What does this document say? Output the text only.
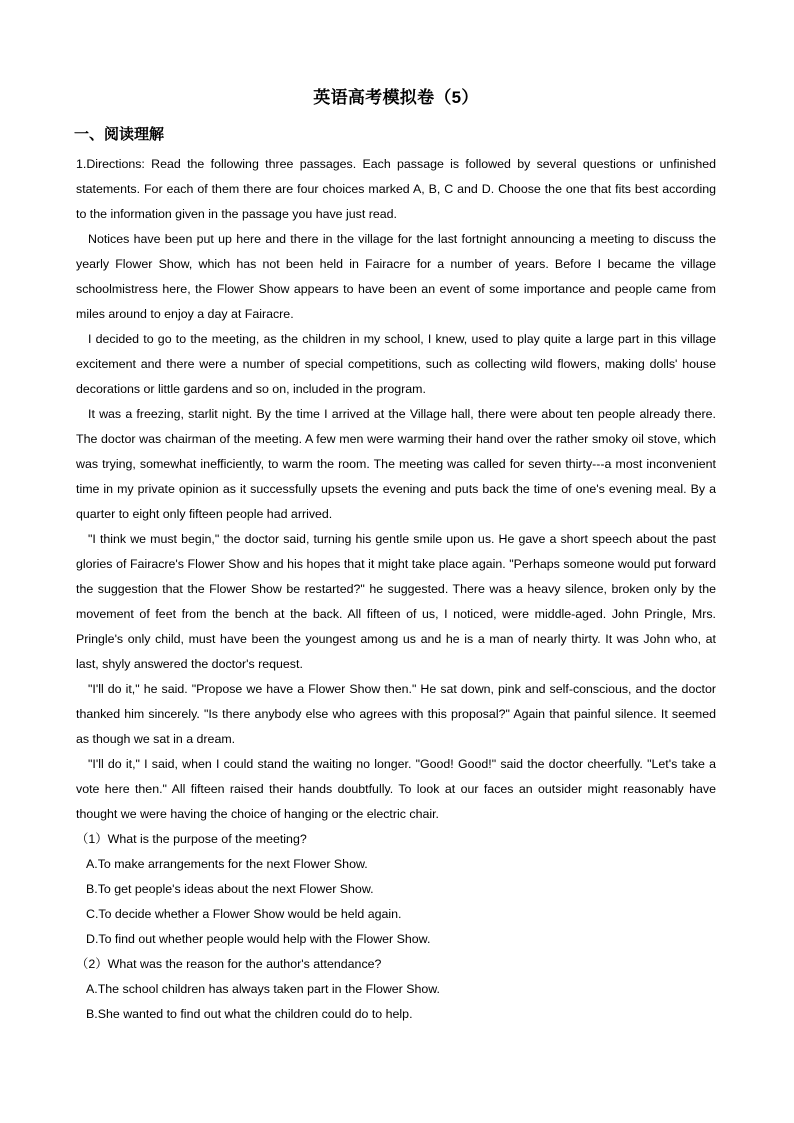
英语高考模拟卷（5）
一、阅读理解

1.Directions: Read the following three passages. Each passage is followed by several questions or unfinished statements. For each of them there are four choices marked A, B, C and D. Choose the one that fits best according to the information given in the passage you have just read.

Notices have been put up here and there in the village for the last fortnight announcing a meeting to discuss the yearly Flower Show, which has not been held in Fairacre for a number of years. Before I became the village schoolmistress here, the Flower Show appears to have been an event of some importance and people came from miles around to enjoy a day at Fairacre.

I decided to go to the meeting, as the children in my school, I knew, used to play quite a large part in this village excitement and there were a number of special competitions, such as collecting wild flowers, making dolls' house decorations or little gardens and so on, included in the program.

It was a freezing, starlit night. By the time I arrived at the Village hall, there were about ten people already there. The doctor was chairman of the meeting. A few men were warming their hand over the rather smoky oil stove, which was trying, somewhat inefficiently, to warm the room. The meeting was called for seven thirty---a most inconvenient time in my private opinion as it successfully upsets the evening and puts back the time of one's evening meal. By a quarter to eight only fifteen people had arrived.

"I think we must begin," the doctor said, turning his gentle smile upon us. He gave a short speech about the past glories of Fairacre's Flower Show and his hopes that it might take place again. "Perhaps someone would put forward the suggestion that the Flower Show be restarted?" he suggested. There was a heavy silence, broken only by the movement of feet from the bench at the back. All fifteen of us, I noticed, were middle-aged. John Pringle, Mrs. Pringle's only child, must have been the youngest among us and he is a man of nearly thirty. It was John who, at last, shyly answered the doctor's request.

"I'll do it," he said. "Propose we have a Flower Show then." He sat down, pink and self-conscious, and the doctor thanked him sincerely. "Is there anybody else who agrees with this proposal?" Again that painful silence. It seemed as though we sat in a dream.

"I'll do it," I said, when I could stand the waiting no longer. "Good! Good!" said the doctor cheerfully. "Let's take a vote here then." All fifteen raised their hands doubtfully. To look at our faces an outsider might reasonably have thought we were having the choice of hanging or the electric chair.

（1）What is the purpose of the meeting?

A.To make arrangements for the next Flower Show.

B.To get people's ideas about the next Flower Show.

C.To decide whether a Flower Show would be held again.

D.To find out whether people would help with the Flower Show.

（2）What was the reason for the author's attendance?

A.The school children has always taken part in the Flower Show.

B.She wanted to find out what the children could do to help.
